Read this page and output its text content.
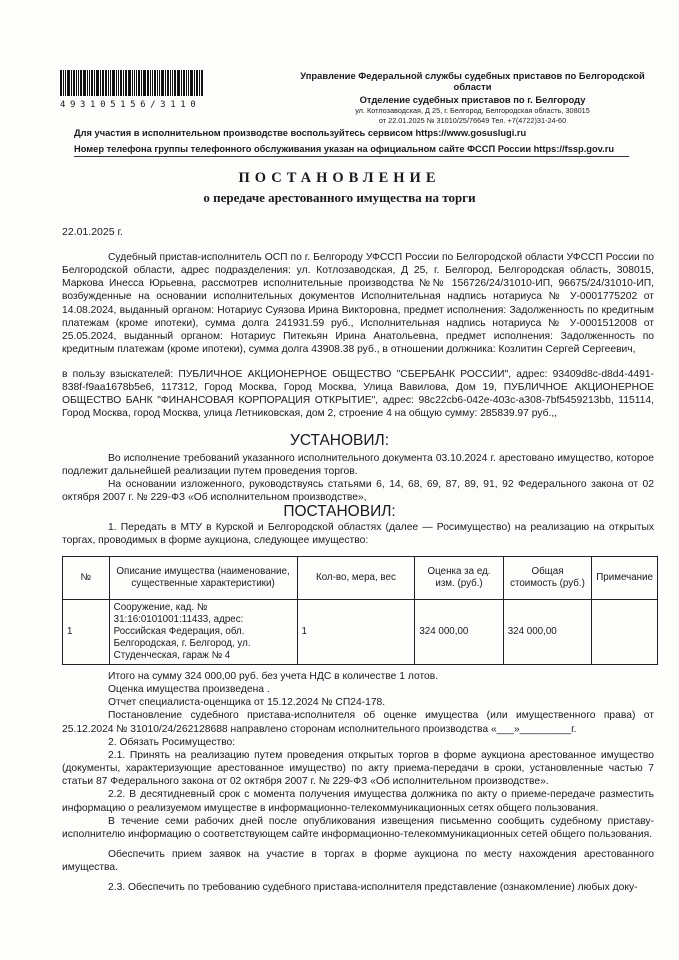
493105156/3110
Управление Федеральной службы судебных приставов по Белгородской области
Отделение судебных приставов по г. Белгороду
ул. Котлозаводская, Д 25, г. Белгород, Белгородская область, 308015
от 22.01.2025 № 31010/25/76649 Тел. +7(4722)31-24-60
Для участия в исполнительном производстве воспользуйтесь сервисом https://www.gosuslugi.ru
Номер телефона группы телефонного обслуживания указан на официальном сайте ФССП России https://fssp.gov.ru
ПОСТАНОВЛЕНИЕ
о передаче арестованного имущества на торги
22.01.2025 г.
Судебный пристав-исполнитель ОСП по г. Белгороду УФССП России по Белгородской области УФССП России по Белгородской области, адрес подразделения: ул. Котлозаводская, Д 25, г. Белгород, Белгородская область, 308015, Маркова Инесса Юрьевна, рассмотрев исполнительные производства №№ 156726/24/31010-ИП, 96675/24/31010-ИП, возбужденные на основании исполнительных документов Исполнительная надпись нотариуса № У-0001775202 от 14.08.2024, выданный органом: Нотариус Суязова Ирина Викторовна, предмет исполнения: Задолженность по кредитным платежам (кроме ипотеки), сумма долга 241931.59 руб., Исполнительная надпись нотариуса № У-0001512008 от 25.05.2024, выданный органом: Нотариус Питекьян Ирина Анатольевна, предмет исполнения: Задолженность по кредитным платежам (кроме ипотеки), сумма долга 43908.38 руб., в отношении должника: Козлитин Сергей Сергеевич,
в пользу взыскателей: ПУБЛИЧНОЕ АКЦИОНЕРНОЕ ОБЩЕСТВО "СБЕРБАНК РОССИИ", адрес: 93409d8c-d8d4-4491-838f-f9aa1678b5e6, 117312, Город Москва, Город Москва, Улица Вавилова, Дом 19, ПУБЛИЧНОЕ АКЦИОНЕРНОЕ ОБЩЕСТВО БАНК "ФИНАНСОВАЯ КОРПОРАЦИЯ ОТКРЫТИЕ", адрес: 98c22cb6-042e-403c-a308-7bf5459213bb, 115114, Город Москва, город Москва, улица Летниковская, дом 2, строение 4 на общую сумму: 285839.97 руб.,,
УСТАНОВИЛ:
Во исполнение требований указанного исполнительного документа 03.10.2024 г. арестовано имущество, которое подлежит дальнейшей реализации путем проведения торгов.
На основании изложенного, руководствуясь статьями 6, 14, 68, 69, 87, 89, 91, 92 Федерального закона от 02 октября 2007 г. № 229-ФЗ «Об исполнительном производстве»,
ПОСТАНОВИЛ:
1. Передать в МТУ в Курской и Белгородской областях (далее — Росимущество) на реализацию на открытых торгах, проводимых в форме аукциона, следующее имущество:
№	Описание имущества (наименование, существенные характеристики)	Кол-во, мера, вес	Оценка за ед. изм. (руб.)	Общая стоимость (руб.)	Примечание
1	Сооружение, кад. № 31:16:0101001:11433, адрес: Российская Федерация, обл. Белгородская, г. Белгород, ул. Студенческая, гараж № 4	1	324 000,00	324 000,00	
Итого на сумму 324 000,00 руб. без учета НДС в количестве 1 лотов.
Оценка имущества произведена .
Отчет специалиста-оценщика от 15.12.2024 № СП24-178.
Постановление судебного пристава-исполнителя об оценке имущества (или имущественного права) от 25.12.2024 № 31010/24/262128688 направлено сторонам исполнительного производства «___»_________г.
2. Обязать Росимущество:
2.1. Принять на реализацию путем проведения открытых торгов в форме аукциона арестованное имущество (документы, характеризующие арестованное имущество) по акту приема-передачи в сроки, установленные частью 7 статьи 87 Федерального закона от 02 октября 2007 г. № 229-ФЗ «Об исполнительном производстве».
2.2. В десятидневный срок с момента получения имущества должника по акту о приеме-передаче разместить информацию о реализуемом имуществе в информационно-телекоммуникационных сетях общего пользования.
В течение семи рабочих дней после опубликования извещения письменно сообщить судебному приставу-исполнителю информацию о соответствующем сайте информационно-телекоммуникационных сетей общего пользования.
Обеспечить прием заявок на участие в торгах в форме аукциона по месту нахождения арестованного имущества.
2.3. Обеспечить по требованию судебного пристава-исполнителя представление (ознакомление) любых доку-
